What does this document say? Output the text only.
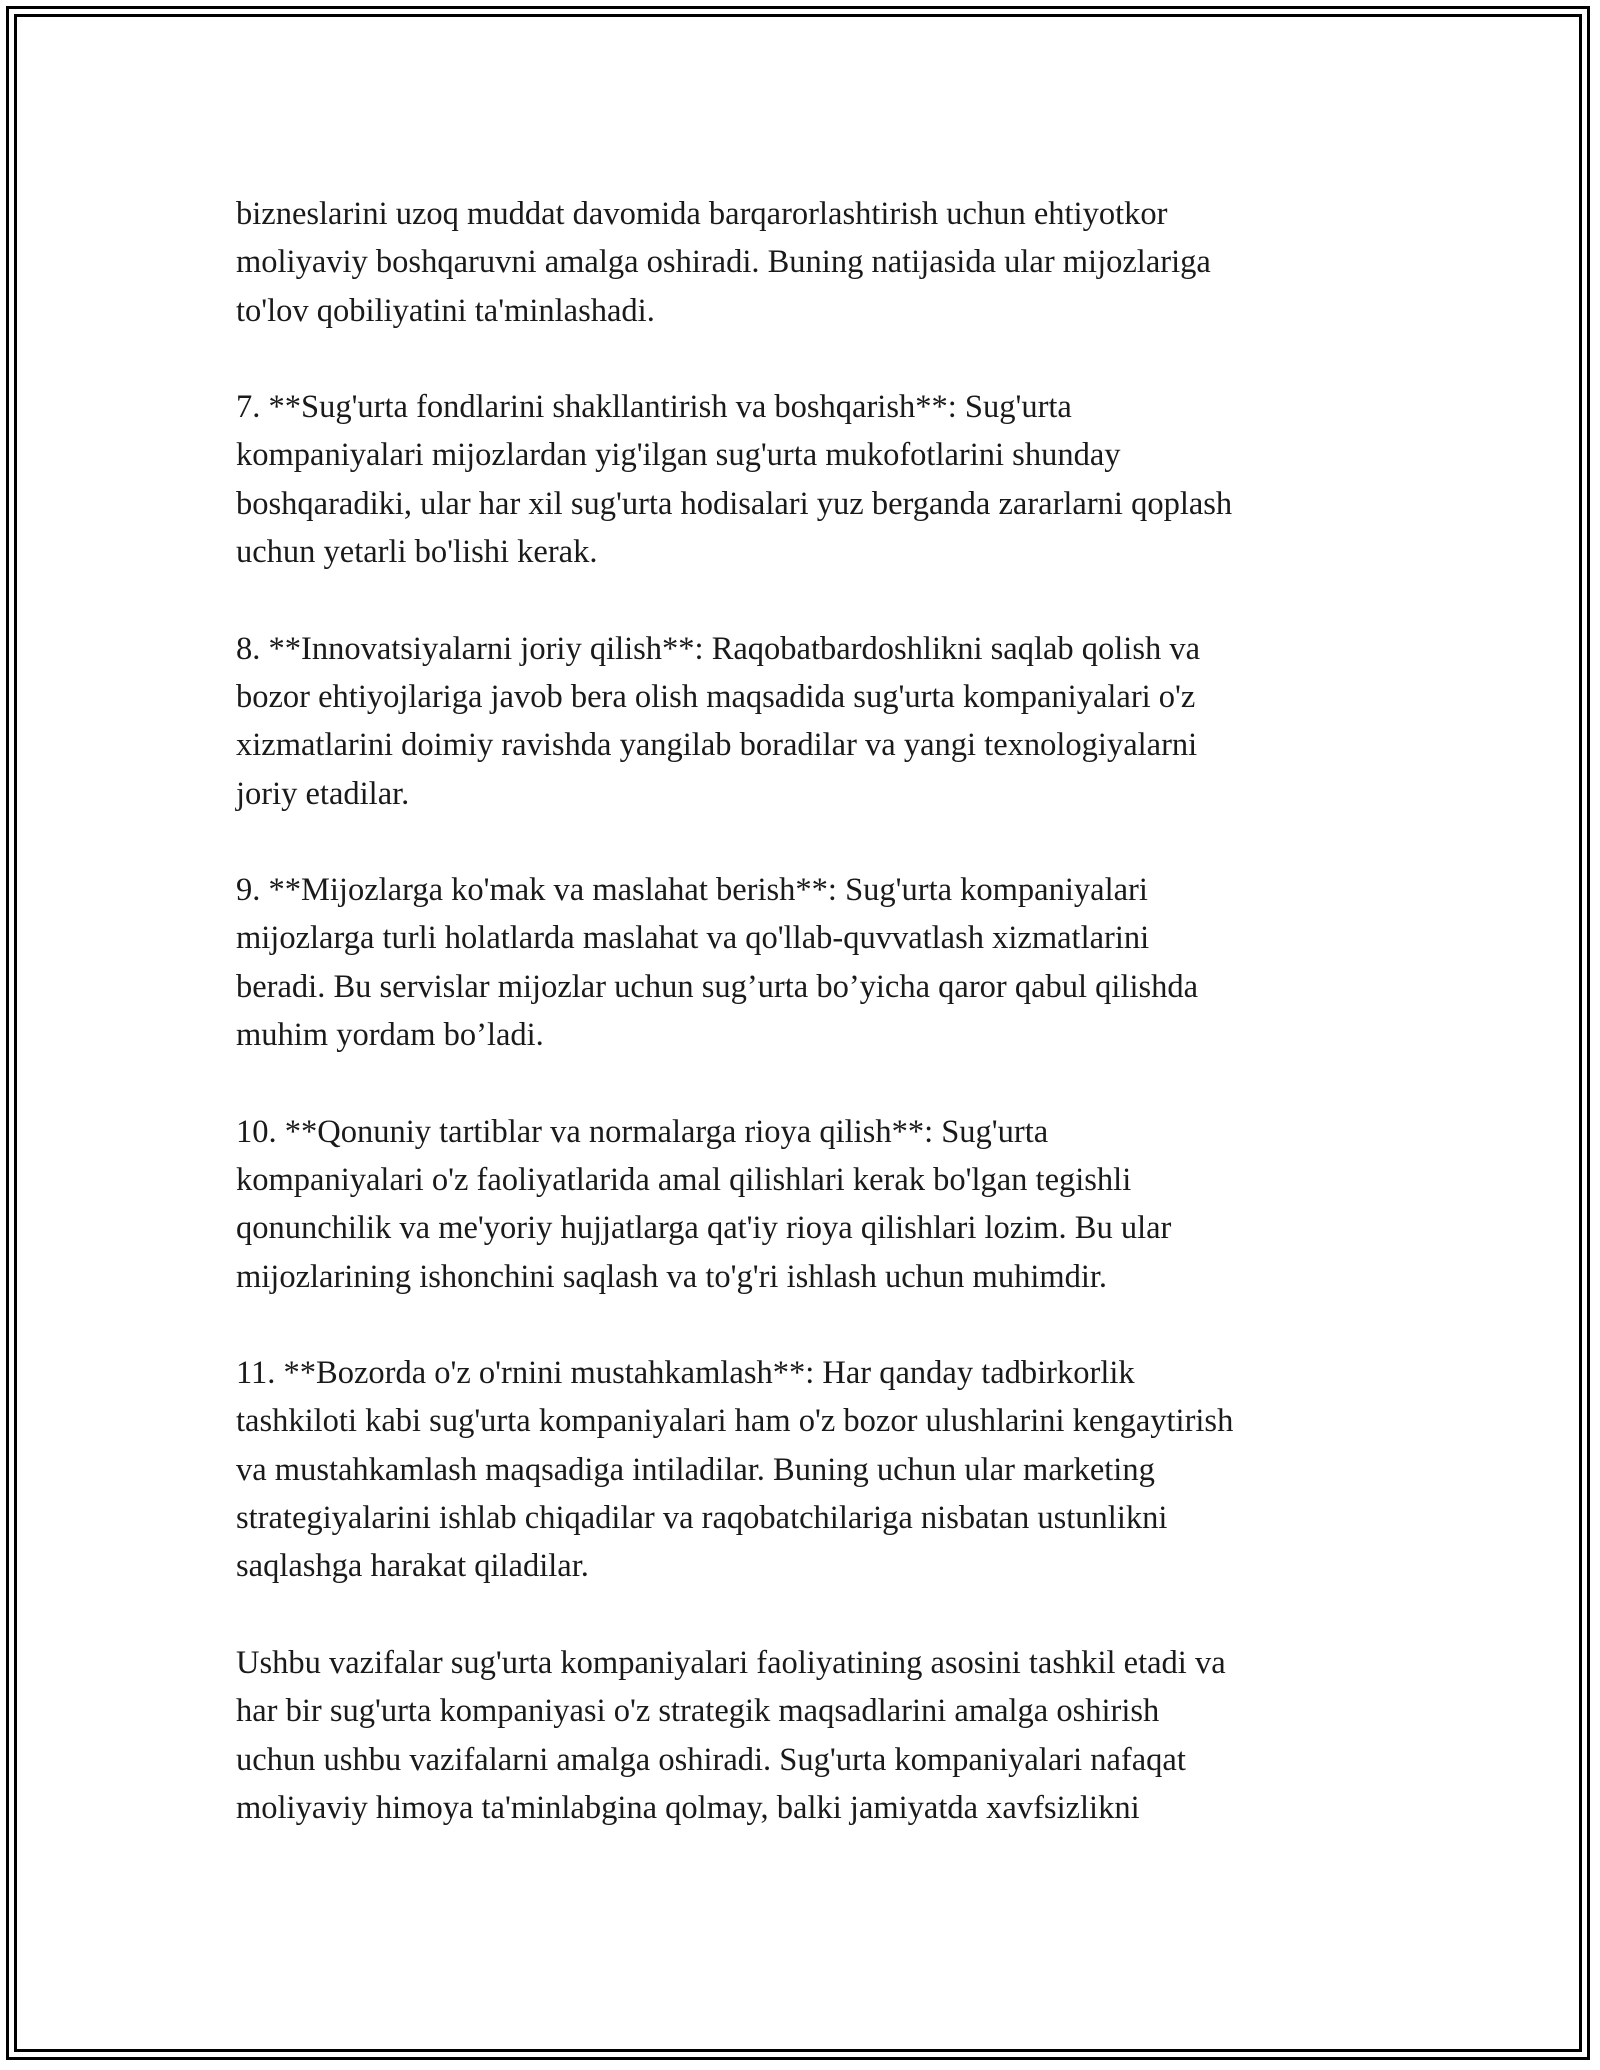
bizneslarini uzoq muddat davomida barqarorlashtirish uchun ehtiyotkor
moliyaviy boshqaruvni amalga oshiradi. Buning natijasida ular mijozlariga
to'lov qobiliyatini ta'minlashadi.

7. **Sug'urta fondlarini shakllantirish va boshqarish**: Sug'urta
kompaniyalari mijozlardan yig'ilgan sug'urta mukofotlarini shunday
boshqaradiki, ular har xil sug'urta hodisalari yuz berganda zararlarni qoplash
uchun yetarli bo'lishi kerak.

8. **Innovatsiyalarni joriy qilish**: Raqobatbardoshlikni saqlab qolish va
bozor ehtiyojlariga javob bera olish maqsadida sug'urta kompaniyalari o'z
xizmatlarini doimiy ravishda yangilab boradilar va yangi texnologiyalarni
joriy etadilar.

9. **Mijozlarga ko'mak va maslahat berish**: Sug'urta kompaniyalari
mijozlarga turli holatlarda maslahat va qo'llab-quvvatlash xizmatlarini
beradi. Bu servislar mijozlar uchun sug’urta bo’yicha qaror qabul qilishda
muhim yordam bo’ladi.

10. **Qonuniy tartiblar va normalarga rioya qilish**: Sug'urta
kompaniyalari o'z faoliyatlarida amal qilishlari kerak bo'lgan tegishli
qonunchilik va me'yoriy hujjatlarga qat'iy rioya qilishlari lozim. Bu ular
mijozlarining ishonchini saqlash va to'g'ri ishlash uchun muhimdir.

11. **Bozorda o'z o'rnini mustahkamlash**: Har qanday tadbirkorlik
tashkiloti kabi sug'urta kompaniyalari ham o'z bozor ulushlarini kengaytirish
va mustahkamlash maqsadiga intiladilar. Buning uchun ular marketing
strategiyalarini ishlab chiqadilar va raqobatchilariga nisbatan ustunlikni
saqlashga harakat qiladilar.

Ushbu vazifalar sug'urta kompaniyalari faoliyatining asosini tashkil etadi va
har bir sug'urta kompaniyasi o'z strategik maqsadlarini amalga oshirish
uchun ushbu vazifalarni amalga oshiradi. Sug'urta kompaniyalari nafaqat
moliyaviy himoya ta'minlabgina qolmay, balki jamiyatda xavfsizlikni
